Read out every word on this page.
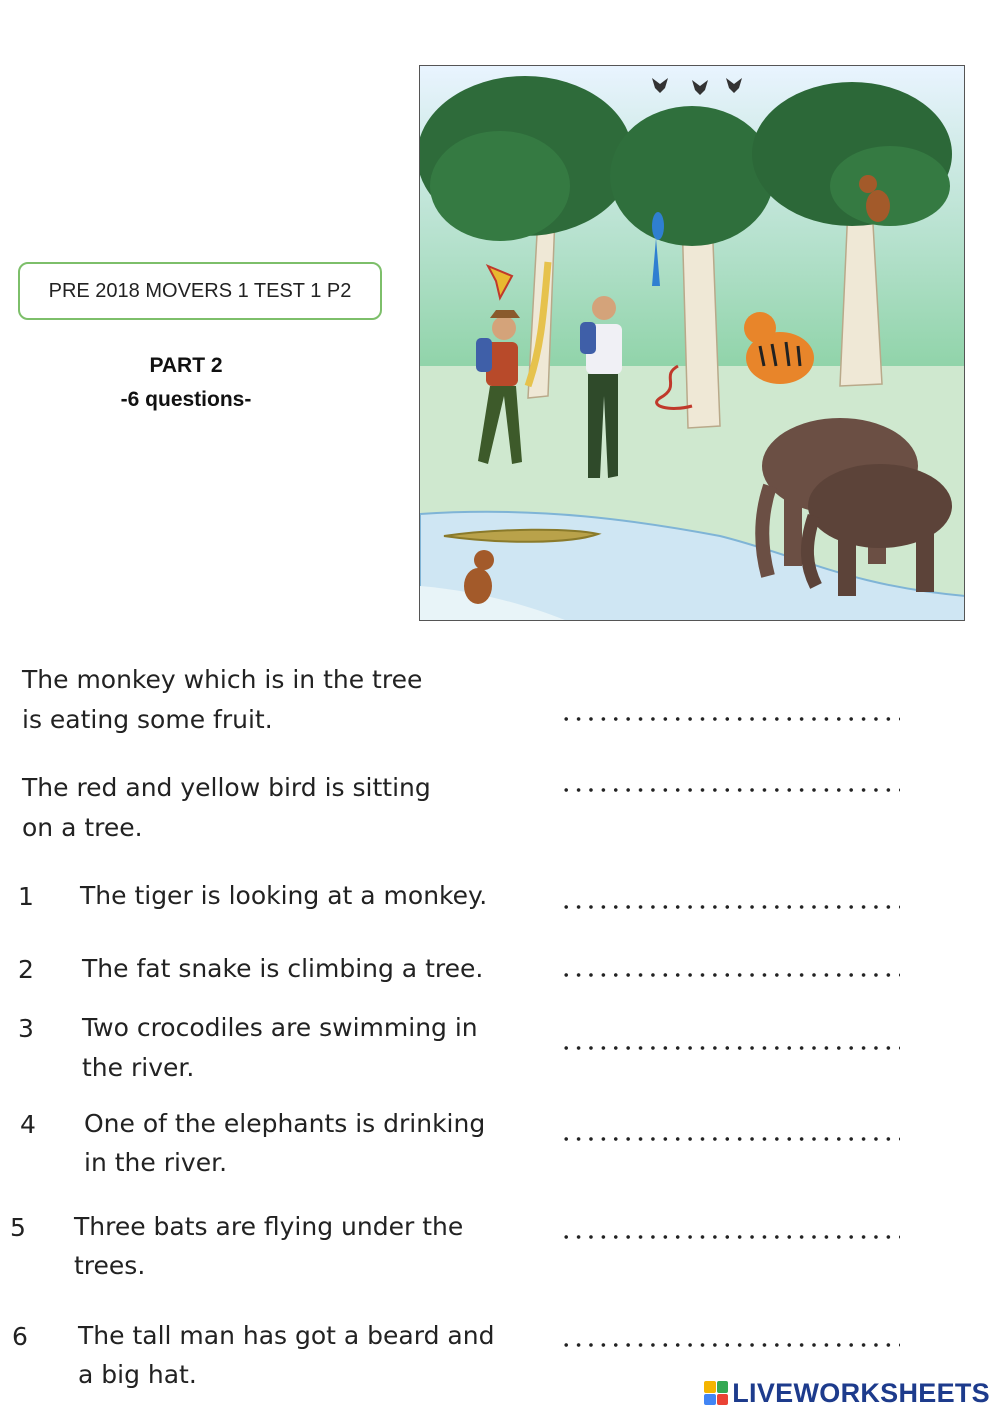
PRE 2018 MOVERS 1 TEST 1 P2
PART 2
-6 questions-
The monkey which is in the tree
is eating some fruit.
The red and yellow bird is sitting
on a tree.
1 The tiger is looking at a monkey.
2 The fat snake is climbing a tree.
3 Two crocodiles are swimming in
the river.
4 One of the elephants is drinking
in the river.
5 Three bats are flying under the
trees.
6 The tall man has got a beard and
a big hat.
LIVEWORKSHEETS
